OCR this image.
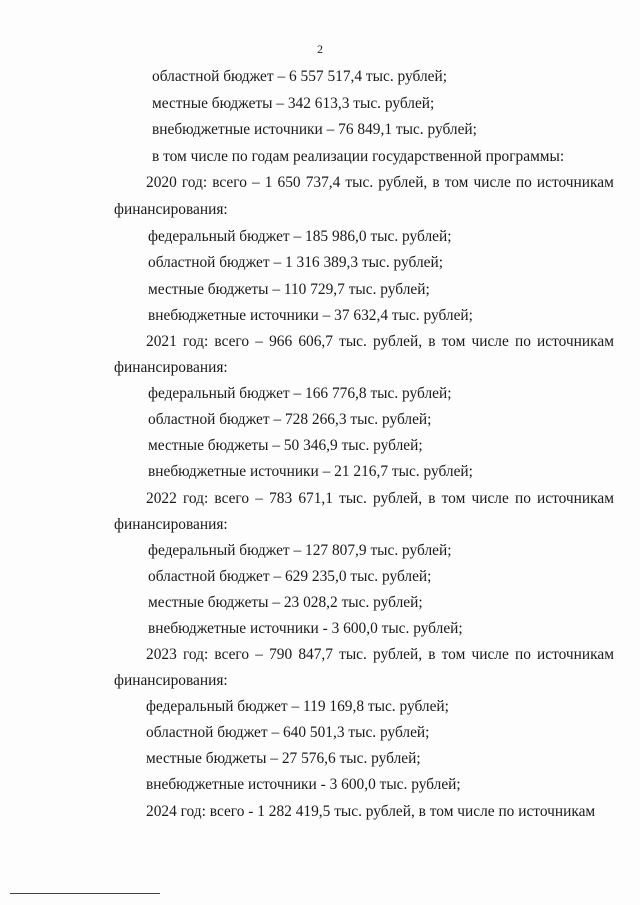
2
областной бюджет – 6 557 517,4 тыс. рублей;
местные бюджеты – 342 613,3 тыс. рублей;
внебюджетные источники – 76 849,1 тыс. рублей;
в том числе по годам реализации государственной программы:
2020 год: всего – 1 650 737,4 тыс. рублей, в том числе по источникам
финансирования:
федеральный бюджет – 185 986,0 тыс. рублей;
областной бюджет – 1 316 389,3 тыс. рублей;
местные бюджеты – 110 729,7 тыс. рублей;
внебюджетные источники – 37 632,4 тыс. рублей;
2021 год: всего – 966 606,7 тыс. рублей, в том числе по источникам
финансирования:
федеральный бюджет – 166 776,8 тыс. рублей;
областной бюджет – 728 266,3 тыс. рублей;
местные бюджеты – 50 346,9 тыс. рублей;
внебюджетные источники – 21 216,7 тыс. рублей;
2022 год: всего – 783 671,1 тыс. рублей, в том числе по источникам
финансирования:
федеральный бюджет – 127 807,9 тыс. рублей;
областной бюджет – 629 235,0 тыс. рублей;
местные бюджеты – 23 028,2 тыс. рублей;
внебюджетные источники - 3 600,0 тыс. рублей;
2023 год: всего – 790 847,7 тыс. рублей, в том числе по источникам
финансирования:
федеральный бюджет – 119 169,8 тыс. рублей;
областной бюджет – 640 501,3 тыс. рублей;
местные бюджеты – 27 576,6 тыс. рублей;
внебюджетные источники - 3 600,0 тыс. рублей;
2024 год: всего - 1 282 419,5 тыс. рублей, в том числе по источникам
